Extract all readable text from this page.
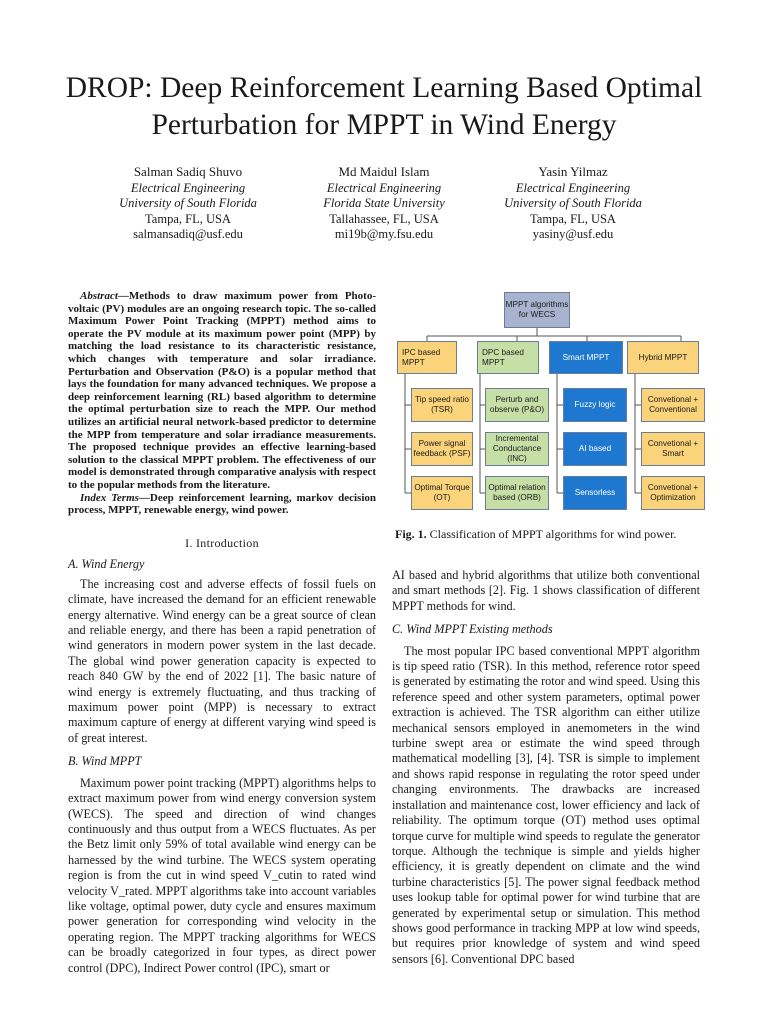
DROP: Deep Reinforcement Learning Based Optimal Perturbation for MPPT in Wind Energy
Salman Sadiq Shuvo
Electrical Engineering
University of South Florida
Tampa, FL, USA
salmansadiq@usf.edu
Md Maidul Islam
Electrical Engineering
Florida State University
Tallahassee, FL, USA
mi19b@my.fsu.edu
Yasin Yilmaz
Electrical Engineering
University of South Florida
Tampa, FL, USA
yasiny@usf.edu

Abstract—Methods to draw maximum power from Photo-voltaic (PV) modules are an ongoing research topic. The so-called Maximum Power Point Tracking (MPPT) method aims to operate the PV module at its maximum power point (MPP) by matching the load resistance to its characteristic resistance, which changes with temperature and solar irradiance. Perturbation and Observation (P&O) is a popular method that lays the foundation for many advanced techniques. We propose a deep reinforcement learning (RL) based algorithm to determine the optimal perturbation size to reach the MPP. Our method utilizes an artificial neural network-based predictor to determine the MPP from temperature and solar irradiance measurements. The proposed technique provides an effective learning-based solution to the classical MPPT problem. The effectiveness of our model is demonstrated through comparative analysis with respect to the popular methods from the literature.

Index Terms—Deep reinforcement learning, markov decision process, MPPT, renewable energy, wind power.

I. Introduction

A. Wind Energy

The increasing cost and adverse effects of fossil fuels on climate, have increased the demand for an efficient renewable energy alternative. Wind energy can be a great source of clean and reliable energy, and there has been a rapid penetration of wind generators in modern power system in the last decade. The global wind power generation capacity is expected to reach 840 GW by the end of 2022 [1]. The basic nature of wind energy is extremely fluctuating, and thus tracking of maximum power point (MPP) is necessary to extract maximum capture of energy at different varying wind speed is of great interest.

B. Wind MPPT

Maximum power point tracking (MPPT) algorithms helps to extract maximum power from wind energy conversion system (WECS). The speed and direction of wind changes continuously and thus output from a WECS fluctuates. As per the Betz limit only 59% of total available wind energy can be harnessed by the wind turbine. The WECS system operating region is from the cut in wind speed V_cutin to rated wind velocity V_rated. MPPT algorithms take into account variables like voltage, optimal power, duty cycle and ensures maximum power generation for corresponding wind velocity in the operating region. The MPPT tracking algorithms for WECS can be broadly categorized in four types, as direct power control (DPC), Indirect Power control (IPC), smart or

MPPT algorithms for WECS
IPC based MPPT
DPC based MPPT
Smart MPPT	Hybrid MPPT
Tip speed ratio (TSR)
Power signal feedback (PSF)
Optimal Torque (OT)
Perturb and observe (P&O)
Incremental Conductance (INC)
Optimal relation based (ORB)
Fuzzy logic
AI based
Sensorless
Convetional + Conventional
Convetional + Smart
Convetional + Optimization
Fig. 1. Classification of MPPT algorithms for wind power.

AI based and hybrid algorithms that utilize both conventional and smart methods [2]. Fig. 1 shows classification of different MPPT methods for wind.

C. Wind MPPT Existing methods

The most popular IPC based conventional MPPT algorithm is tip speed ratio (TSR). In this method, reference rotor speed is generated by estimating the rotor and wind speed. Using this reference speed and other system parameters, optimal power extraction is achieved. The TSR algorithm can either utilize mechanical sensors employed in anemometers in the wind turbine swept area or estimate the wind speed through mathematical modelling [3], [4]. TSR is simple to implement and shows rapid response in regulating the rotor speed under changing environments. The drawbacks are increased installation and maintenance cost, lower efficiency and lack of reliability. The optimum torque (OT) method uses optimal torque curve for multiple wind speeds to regulate the generator torque. Although the technique is simple and yields higher efficiency, it is greatly dependent on climate and the wind turbine characteristics [5]. The power signal feedback method uses lookup table for optimal power for wind turbine that are generated by experimental setup or simulation. This method shows good performance in tracking MPP at low wind speeds, but requires prior knowledge of system and wind speed sensors [6]. Conventional DPC based
